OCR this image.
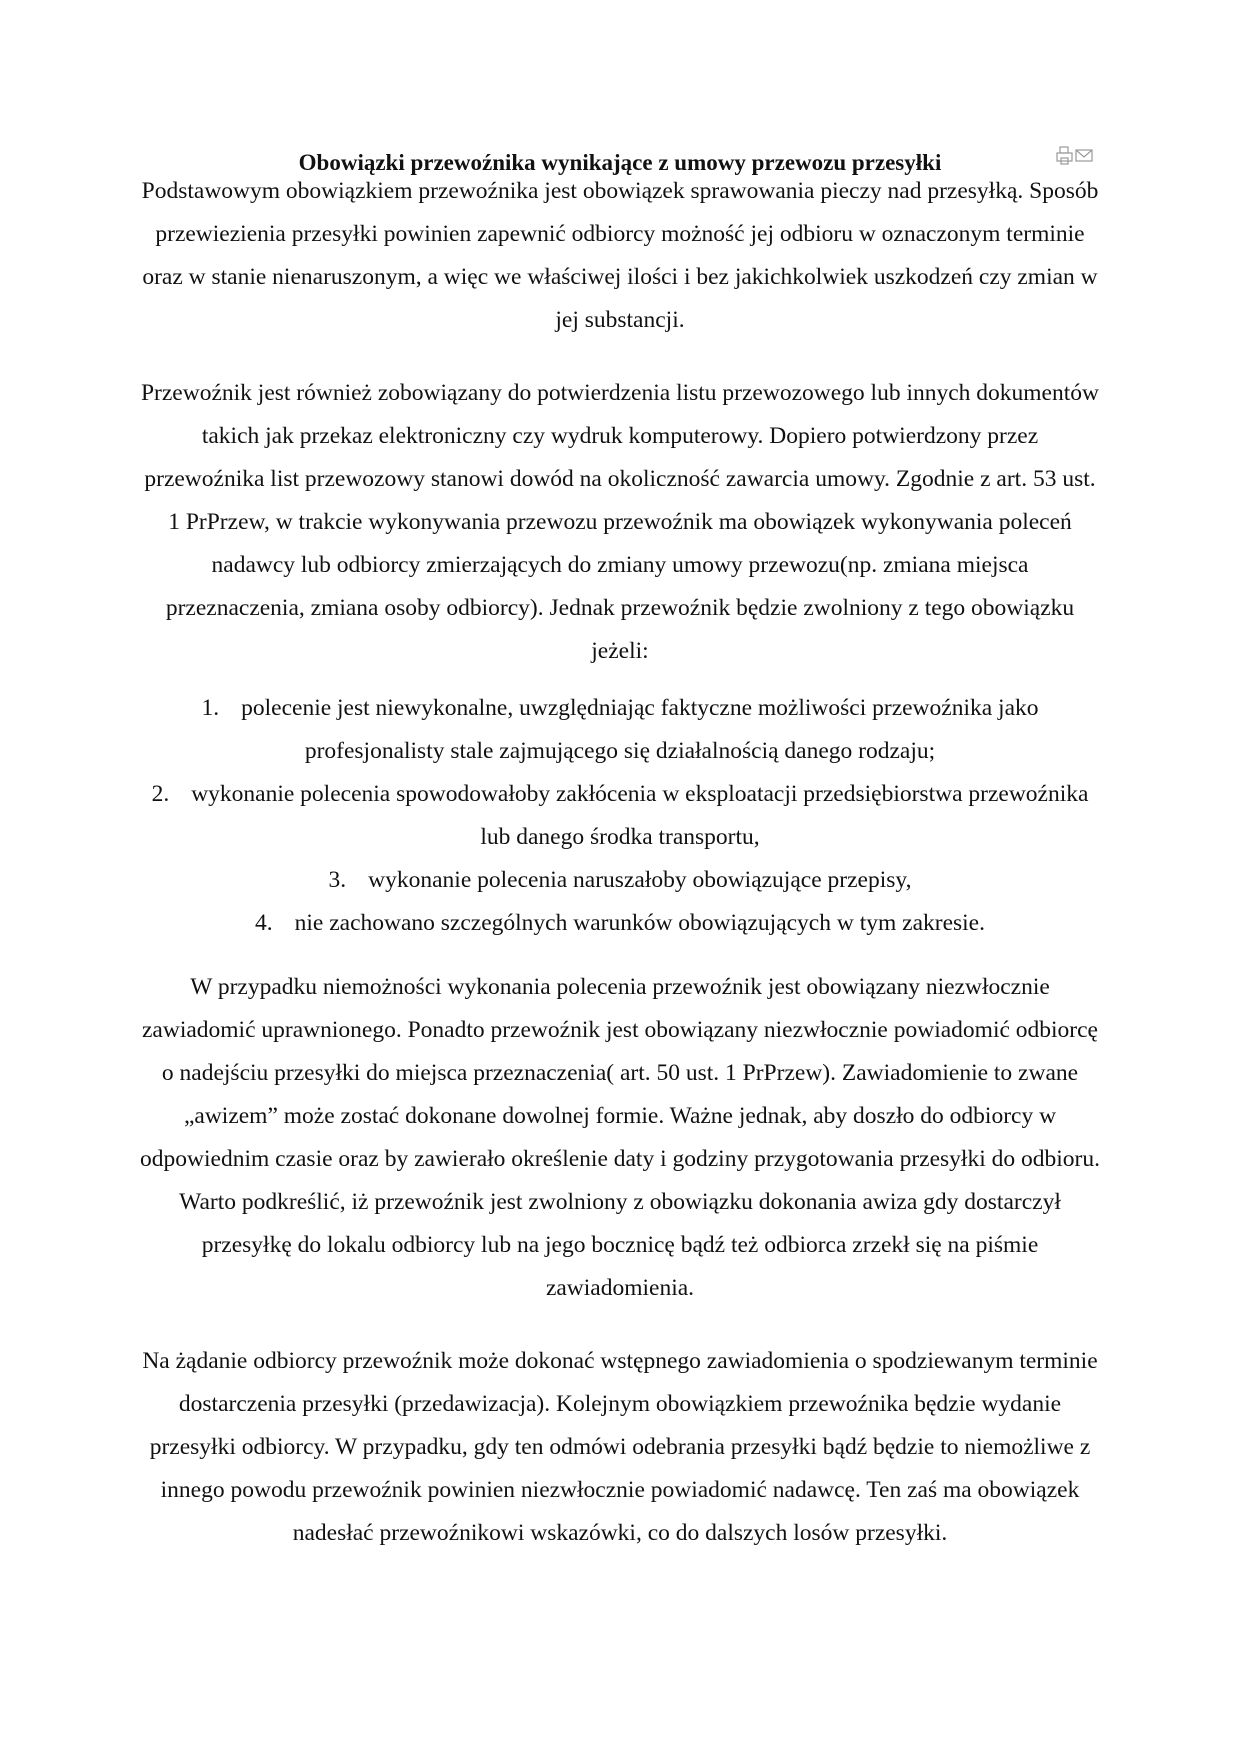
Obowiązki przewoźnika wynikające z umowy przewozu przesyłki

Podstawowym obowiązkiem przewoźnika jest obowiązek sprawowania pieczy nad przesyłką. Sposób przewiezienia przesyłki powinien zapewnić odbiorcy możność jej odbioru w oznaczonym terminie oraz w stanie nienaruszonym, a więc we właściwej ilości i bez jakichkolwiek uszkodzeń czy zmian w jej substancji.

Przewoźnik jest również zobowiązany do potwierdzenia listu przewozowego lub innych dokumentów takich jak przekaz elektroniczny czy wydruk komputerowy. Dopiero potwierdzony przez przewoźnika list przewozowy stanowi dowód na okoliczność zawarcia umowy. Zgodnie z art. 53 ust. 1 PrPrzew, w trakcie wykonywania przewozu przewoźnik ma obowiązek wykonywania poleceń nadawcy lub odbiorcy zmierzających do zmiany umowy przewozu(np. zmiana miejsca przeznaczenia, zmiana osoby odbiorcy). Jednak przewoźnik będzie zwolniony z tego obowiązku jeżeli:

1. polecenie jest niewykonalne, uwzględniając faktyczne możliwości przewoźnika jako profesjonalisty stale zajmującego się działalnością danego rodzaju;
2. wykonanie polecenia spowodowałoby zakłócenia w eksploatacji przedsiębiorstwa przewoźnika lub danego środka transportu,
3. wykonanie polecenia naruszałoby obowiązujące przepisy,
4. nie zachowano szczególnych warunków obowiązujących w tym zakresie.

W przypadku niemożności wykonania polecenia przewoźnik jest obowiązany niezwłocznie zawiadomić uprawnionego. Ponadto przewoźnik jest obowiązany niezwłocznie powiadomić odbiorcę o nadejściu przesyłki do miejsca przeznaczenia( art. 50 ust. 1 PrPrzew). Zawiadomienie to zwane „awizem” może zostać dokonane dowolnej formie. Ważne jednak, aby doszło do odbiorcy w odpowiednim czasie oraz by zawierało określenie daty i godziny przygotowania przesyłki do odbioru. Warto podkreślić, iż przewoźnik jest zwolniony z obowiązku dokonania awiza gdy dostarczył przesyłkę do lokalu odbiorcy lub na jego bocznicę bądź też odbiorca zrzekł się na piśmie zawiadomienia.

Na żądanie odbiorcy przewoźnik może dokonać wstępnego zawiadomienia o spodziewanym terminie dostarczenia przesyłki (przedawizacja). Kolejnym obowiązkiem przewoźnika będzie wydanie przesyłki odbiorcy. W przypadku, gdy ten odmówi odebrania przesyłki bądź będzie to niemożliwe z innego powodu przewoźnik powinien niezwłocznie powiadomić nadawcę. Ten zaś ma obowiązek nadesłać przewoźnikowi wskazówki, co do dalszych losów przesyłki.
